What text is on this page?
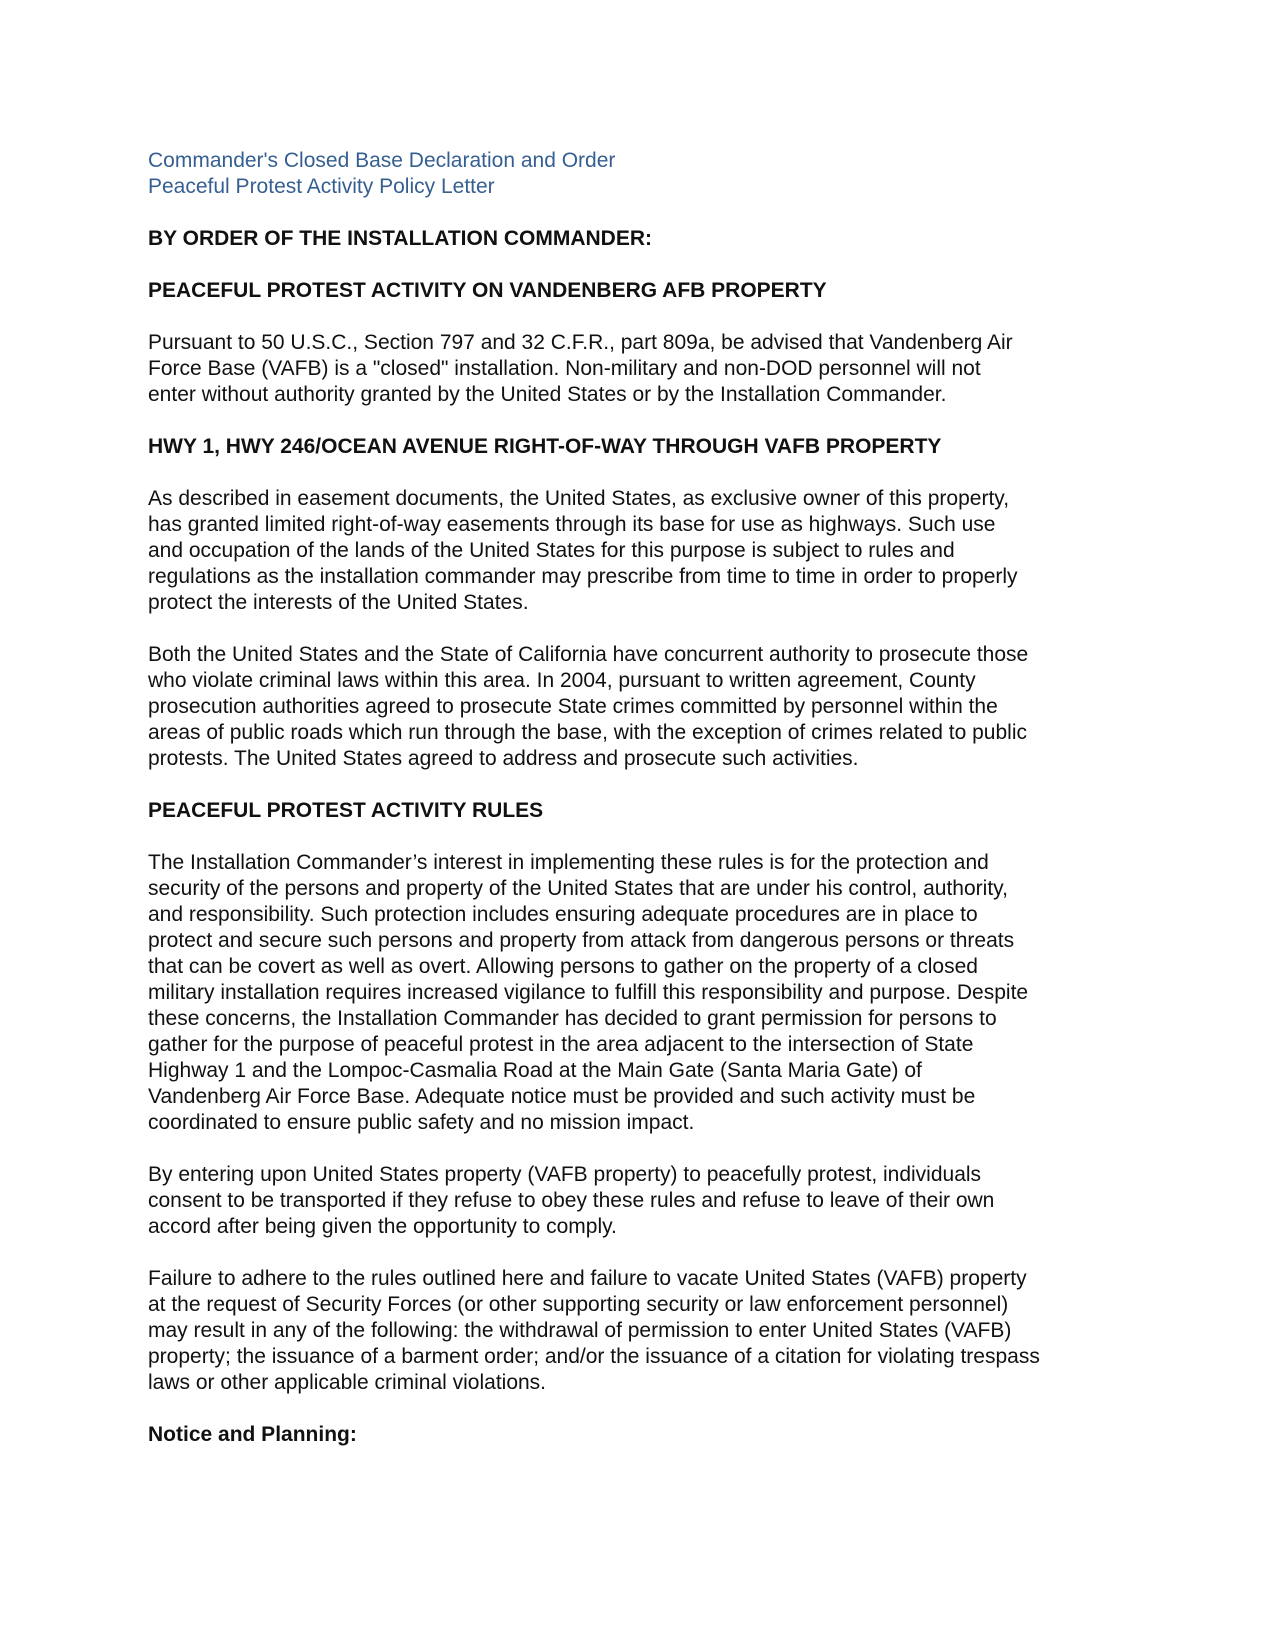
Commander's Closed Base Declaration and Order
Peaceful Protest Activity Policy Letter
BY ORDER OF THE INSTALLATION COMMANDER:
PEACEFUL PROTEST ACTIVITY ON VANDENBERG AFB PROPERTY

Pursuant to 50 U.S.C., Section 797 and 32 C.F.R., part 809a, be advised that Vandenberg Air
Force Base (VAFB) is a "closed" installation. Non-military and non-DOD personnel will not
enter without authority granted by the United States or by the Installation Commander.

HWY 1, HWY 246/OCEAN AVENUE RIGHT-OF-WAY THROUGH VAFB PROPERTY

As described in easement documents, the United States, as exclusive owner of this property,
has granted limited right-of-way easements through its base for use as highways. Such use
and occupation of the lands of the United States for this purpose is subject to rules and
regulations as the installation commander may prescribe from time to time in order to properly
protect the interests of the United States.

Both the United States and the State of California have concurrent authority to prosecute those
who violate criminal laws within this area. In 2004, pursuant to written agreement, County
prosecution authorities agreed to prosecute State crimes committed by personnel within the
areas of public roads which run through the base, with the exception of crimes related to public
protests. The United States agreed to address and prosecute such activities.

PEACEFUL PROTEST ACTIVITY RULES

The Installation Commander’s interest in implementing these rules is for the protection and
security of the persons and property of the United States that are under his control, authority,
and responsibility. Such protection includes ensuring adequate procedures are in place to
protect and secure such persons and property from attack from dangerous persons or threats
that can be covert as well as overt. Allowing persons to gather on the property of a closed
military installation requires increased vigilance to fulfill this responsibility and purpose. Despite
these concerns, the Installation Commander has decided to grant permission for persons to
gather for the purpose of peaceful protest in the area adjacent to the intersection of State
Highway 1 and the Lompoc-Casmalia Road at the Main Gate (Santa Maria Gate) of
Vandenberg Air Force Base. Adequate notice must be provided and such activity must be
coordinated to ensure public safety and no mission impact.

By entering upon United States property (VAFB property) to peacefully protest, individuals
consent to be transported if they refuse to obey these rules and refuse to leave of their own
accord after being given the opportunity to comply.

Failure to adhere to the rules outlined here and failure to vacate United States (VAFB) property
at the request of Security Forces (or other supporting security or law enforcement personnel)
may result in any of the following: the withdrawal of permission to enter United States (VAFB)
property; the issuance of a barment order; and/or the issuance of a citation for violating trespass
laws or other applicable criminal violations.

Notice and Planning:
